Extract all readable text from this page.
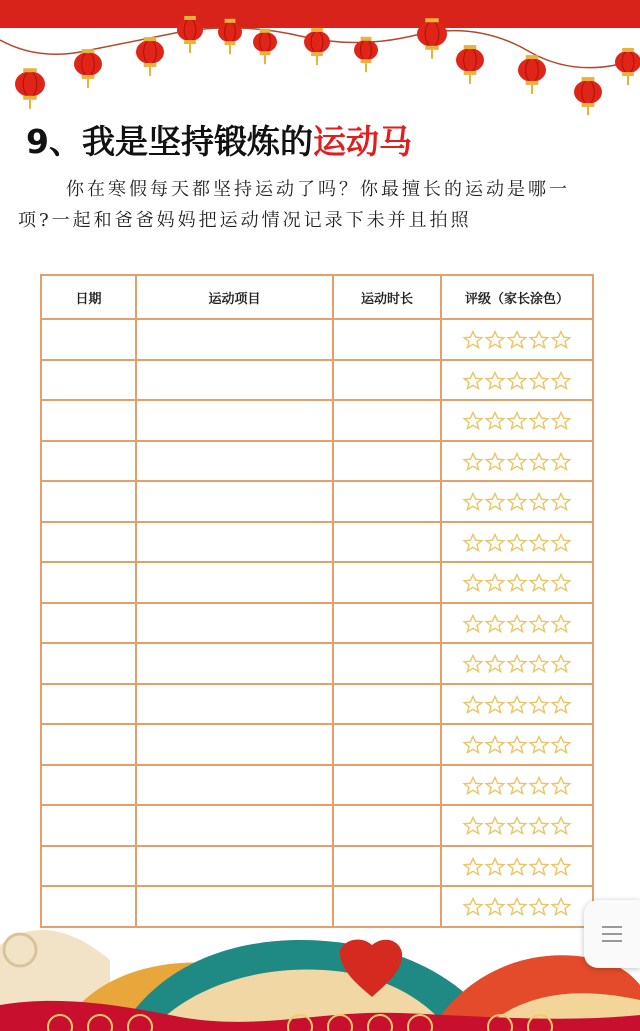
9、我是坚持锻炼的运动马

你在寒假每天都坚持运动了吗？你最擅长的运动是哪一项?一起和爸爸妈妈把运动情况记录下未并且拍照

日期	运动项目	运动时长	评级（家长涂色）
